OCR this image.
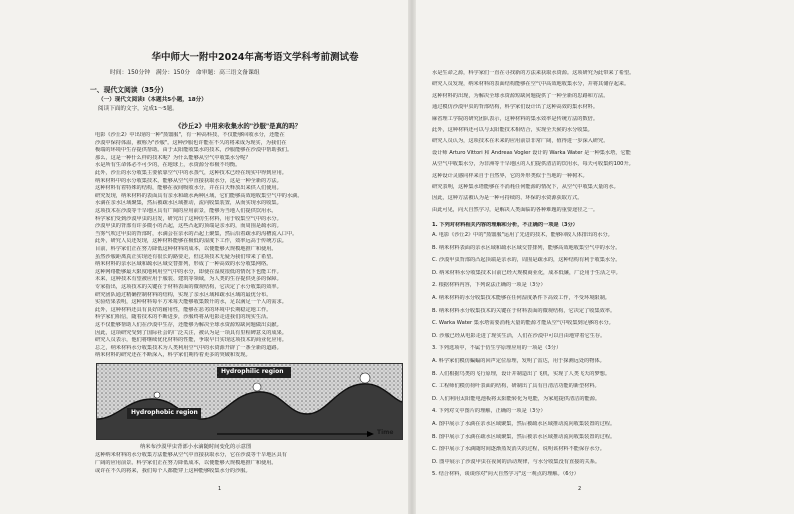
华中师大一附中2024年高考语文学科考前测试卷
时间：150分钟　满分：150分　命审题：高三语文备课组
一、现代文阅读（35分）
（一）现代文阅读Ⅰ（本题共5小题，18分）
阅读下面的文字，完成1～5题。
《沙丘2》中用来收集水的"沙服"是真的吗？
电影《沙丘2》中出现的一种"蒸馏服"，有一种高科技，不仅能够回收水分，还能在
沙漠中保持体温，被称为"沙服"。这种沙服也许能在不久的将来成为现实，为我们在
极端的环境中生存提供帮助。由于太阳能收集水的技术，沙服能够在沙漠中帮助我们。
那么，这是一种什么样的技术呢？为什么能够从空气中收集水分呢？
水是所有生命体必不可少的，在地球上，水资源分布极不均衡。
此外，沙丘的水分收集主要依靠空气中的水蒸气，这种技术已经在现实中得到应用。
纳米材料中的水分收集技术，能够从空气中直接获取水分，这是一种全新的方法。
这种材料有着特殊的结构，能够在夜间吸收水分，并在白天释放出来供人们使用。
研究发现，纳米材料的表面具有亲水和疏水两种区域，它们能够高效地收集空气中的水滴。
水滴在亲水区域聚集，然后被疏水区域推动，流向收集装置，从而实现水的收集。
这项技术在沙漠等干旱地区具有广阔的应用前景，能够为当地人们提供饮用水。
科学家们受到沙漠甲虫的启发，研究出了这种仿生材料，用于收集空气中的水分。
沙漠甲虫的背部有许多微小的凸起，这些凸起的顶端是亲水的，而周围是疏水的。
当雾气吹过甲虫的背部时，水滴会在亲水的凸起上聚集，然后沿着疏水的沟槽流入口中。
此外，研究人员还发现，这种材料能够在极低的湿度下工作，效率远高于传统方法。
目前，科学家们正在努力降低这种材料的成本，以便能够大规模地推广和使用。
虽然沙服距离真正实现还有很长的路要走，但这项技术无疑为我们带来了希望。
纳米材料的亲水区域和疏水区域交替排列，形成了一种高效的水分收集网络。
这种网络能够最大限度地利用空气中的水分，即使在湿度很低的情况下也能工作。
未来，这种技术有望被应用于服装、建筑等领域，为人类的生存提供更多的保障。
专家指出，这项技术的关键在于材料表面的微观结构，它决定了水分收集的效率。
研究团队通过精确控制材料的结构，实现了亲水区域和疏水区域的最优分布。
实验结果表明，这种材料每平方米每天能够收集数升的水，足以满足一个人的需求。
此外，这种材料还具有良好的耐用性，能够在恶劣的环境中长期稳定地工作。
科学家们相信，随着技术的不断进步，沙服终将从电影走进我们的现实生活。
这不仅能够帮助人们在沙漠中生存，还能够为解决全球水资源短缺问题做出贡献。
因此，这项研究受到了国际社会的广泛关注，被认为是一项具有里程碑意义的成果。
研究人员表示，他们将继续优化材料的性能，争取早日实现这项技术的商业化应用。
总之，纳米材料水分收集技术为人类利用空气中的水资源开辟了一条全新的道路。
纳米材料的研究还在不断深入，科学家们期待着更多的突破和发现。
Hydrophilic region
Hydrophobic region
Time
纳米布沙漠甲虫背部小水滴随时间变化的示意图
这种纳米材料的水分收集方法能够从空气中直接获取水分，它在沙漠等干旱地区具有
广阔的应用前景。科学家们正在努力降低成本，以便能够大规模地推广和使用。
或许在不久的将来，我们每个人都能穿上这种能够收集水分的沙服。
1
水是生命之源，科学家们一直在寻找新的方法来获取水资源。这项研究为此带来了希望。
研究人员发现，纳米材料的表面结构能够在空气中高效地收集水分，并将其储存起来。
这种材料的出现，为解决全球水资源短缺问题提供了一种全新的思路和方法。
通过模仿沙漠甲虫的背部结构，科学家们设计出了这种高效的集水材料。
麻省理工学院的研究团队表示，这种材料的集水效率是传统方法的数倍。
此外，这种材料还可以与太阳能技术相结合，实现全天候的水分收集。
研究人员认为，这项技术在未来的应用前景非常广阔，值得进一步深入研究。
设计师 Arturo Vittori 和 Andreas Vogler 设计的 Warka Water 是一种集水塔，它能
从空气中收集水分，为非洲等干旱地区的人们提供清洁的饮用水，每天可收集约100升。
这种设计灵感同样来自于自然界，它的外形类似于当地的一种树木。
研究表明，这种集水塔能够在不消耗任何能源的情况下，从空气中收集大量的水。
因此，这种方法被认为是一种可持续的、环保的水资源获取方式。
由此可见，向大自然学习，是解决人类面临的各种难题的重要途径之一。
1. 下列对材料相关内容的理解和分析，不正确的一项是（3分）
A. 电影《沙丘2》中的"蒸馏服"运用了先进的技术，能够回收人体排出的水分。
B. 纳米材料表面的亲水区域和疏水区域交替排列，能够高效地收集空气中的水分。
C. 沙漠甲虫背部的凸起顶端是亲水的，周围是疏水的，这种结构有利于收集水分。
D. 纳米材料水分收集技术目前已经大规模商业化，成本低廉，广泛用于生活之中。
2. 根据材料内容，下列说法正确的一项是（3分）
A. 纳米材料的水分收集技术能够在任何湿度条件下高效工作，不受环境限制。
B. 纳米材料水分收集技术的关键在于材料表面的微观结构，它决定了收集效率。
C. Warka Water 集水塔需要消耗大量的能源才能从空气中收集到足够的水分。
D. 沙服已经从电影走进了现实生活，人们在沙漠中可以自由地穿着它生存。
3. 下列选项中，不属于仿生学原理应用的一项是（3分）
A. 科学家们模仿蝙蝠的回声定位原理，发明了雷达，用于探测远处的物体。
B. 人们根据鸟类的飞行原理，设计并制造出了飞机，实现了人类飞天的梦想。
C. 工程师们模仿荷叶表面的结构，研制出了具有自清洁功能的新型材料。
D. 人们利用太阳能电池板将太阳能转化为电能，为家庭提供清洁的能源。
4. 下列对文中图片的理解，正确的一项是（3分）
A. 图中展示了水滴在亲水区域聚集，然后被疏水区域推动流向收集装置的过程。
B. 图中展示了水滴在疏水区域聚集，然后被亲水区域推动流向收集装置的过程。
C. 图中展示了水滴随时间逐渐蒸发消失的过程，说明该材料不能保存水分。
D. 图中展示了沙漠甲虫在夜间的活动规律，与水分收集没有直接的关系。
5. 结合材料，谈谈你对"向大自然学习"这一观点的理解。（6分）
2
